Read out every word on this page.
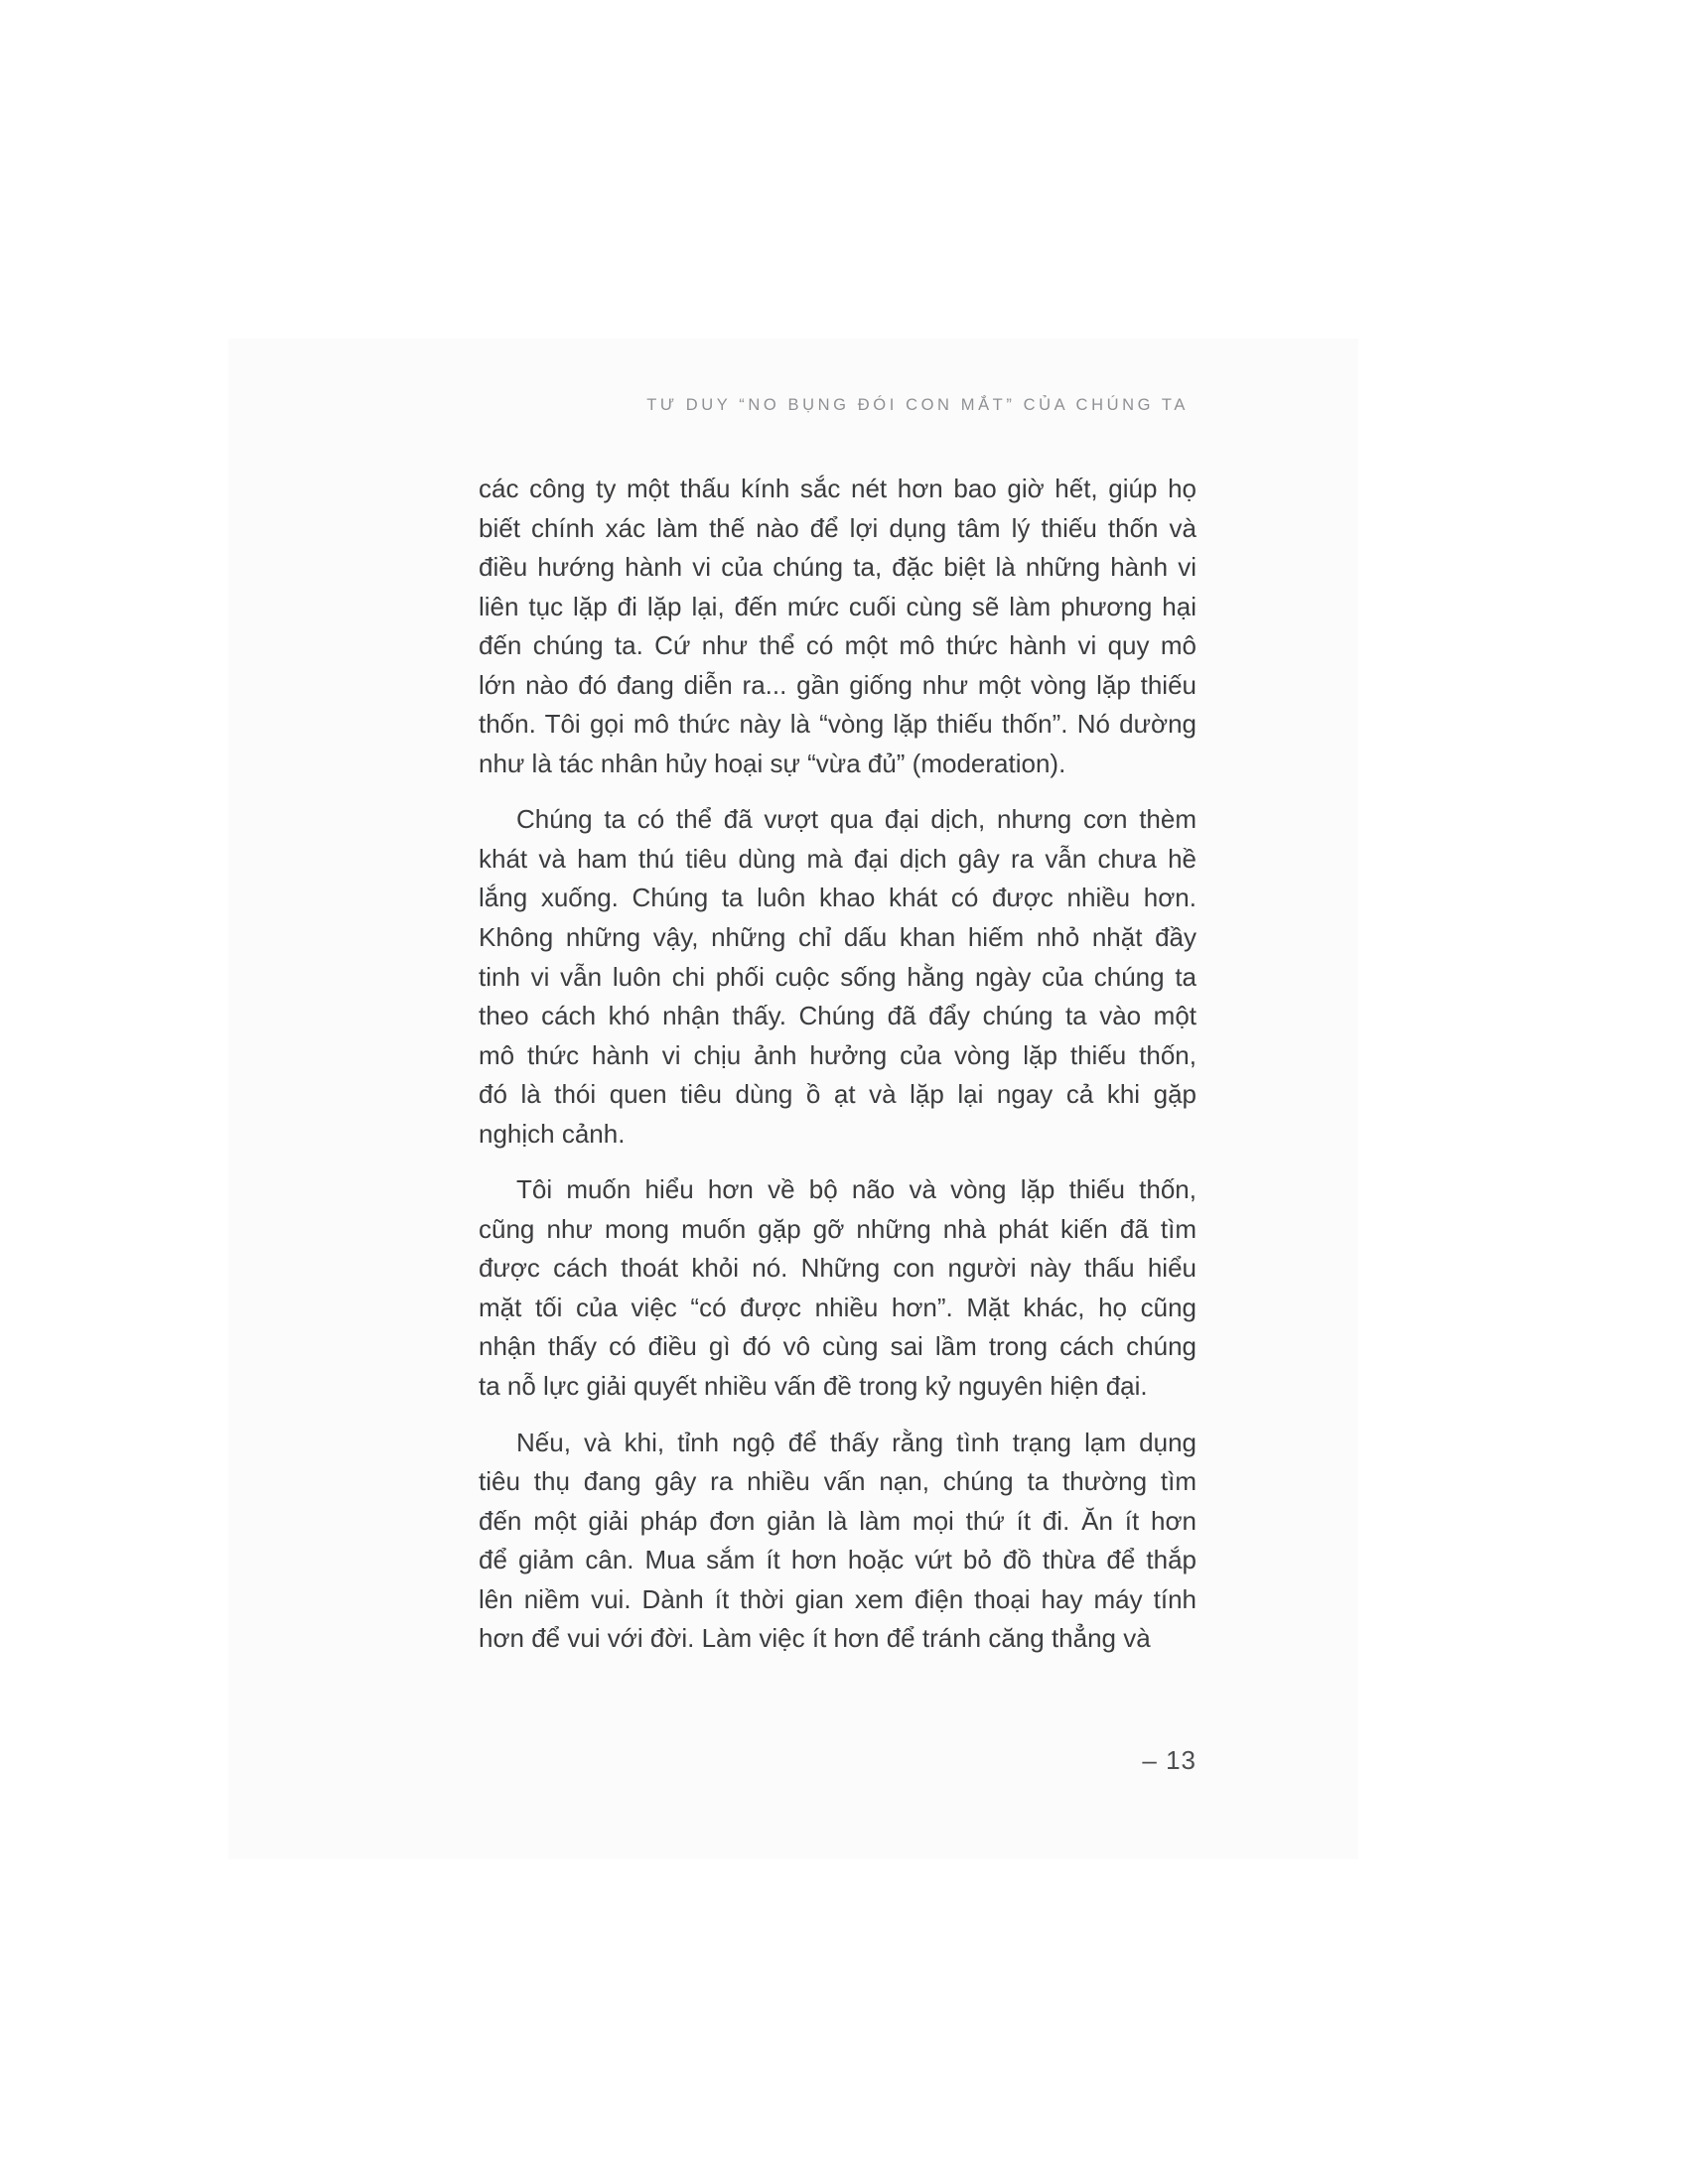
TƯ DUY “NO BỤNG ĐÓI CON MẮT” CỦA CHÚNG TA
các công ty một thấu kính sắc nét hơn bao giờ hết, giúp họ
biết chính xác làm thế nào để lợi dụng tâm lý thiếu thốn và
điều hướng hành vi của chúng ta, đặc biệt là những hành vi
liên tục lặp đi lặp lại, đến mức cuối cùng sẽ làm phương hại
đến chúng ta. Cứ như thể có một mô thức hành vi quy mô
lớn nào đó đang diễn ra... gần giống như một vòng lặp thiếu
thốn. Tôi gọi mô thức này là “vòng lặp thiếu thốn”. Nó dường
như là tác nhân hủy hoại sự “vừa đủ” (moderation).
Chúng ta có thể đã vượt qua đại dịch, nhưng cơn thèm
khát và ham thú tiêu dùng mà đại dịch gây ra vẫn chưa hề
lắng xuống. Chúng ta luôn khao khát có được nhiều hơn.
Không những vậy, những chỉ dấu khan hiếm nhỏ nhặt đầy
tinh vi vẫn luôn chi phối cuộc sống hằng ngày của chúng ta
theo cách khó nhận thấy. Chúng đã đẩy chúng ta vào một
mô thức hành vi chịu ảnh hưởng của vòng lặp thiếu thốn,
đó là thói quen tiêu dùng ồ ạt và lặp lại ngay cả khi gặp
nghịch cảnh.
Tôi muốn hiểu hơn về bộ não và vòng lặp thiếu thốn,
cũng như mong muốn gặp gỡ những nhà phát kiến đã tìm
được cách thoát khỏi nó. Những con người này thấu hiểu
mặt tối của việc “có được nhiều hơn”. Mặt khác, họ cũng
nhận thấy có điều gì đó vô cùng sai lầm trong cách chúng
ta nỗ lực giải quyết nhiều vấn đề trong kỷ nguyên hiện đại.
Nếu, và khi, tỉnh ngộ để thấy rằng tình trạng lạm dụng
tiêu thụ đang gây ra nhiều vấn nạn, chúng ta thường tìm
đến một giải pháp đơn giản là làm mọi thứ ít đi. Ăn ít hơn
để giảm cân. Mua sắm ít hơn hoặc vứt bỏ đồ thừa để thắp
lên niềm vui. Dành ít thời gian xem điện thoại hay máy tính
hơn để vui với đời. Làm việc ít hơn để tránh căng thẳng và
– 13
